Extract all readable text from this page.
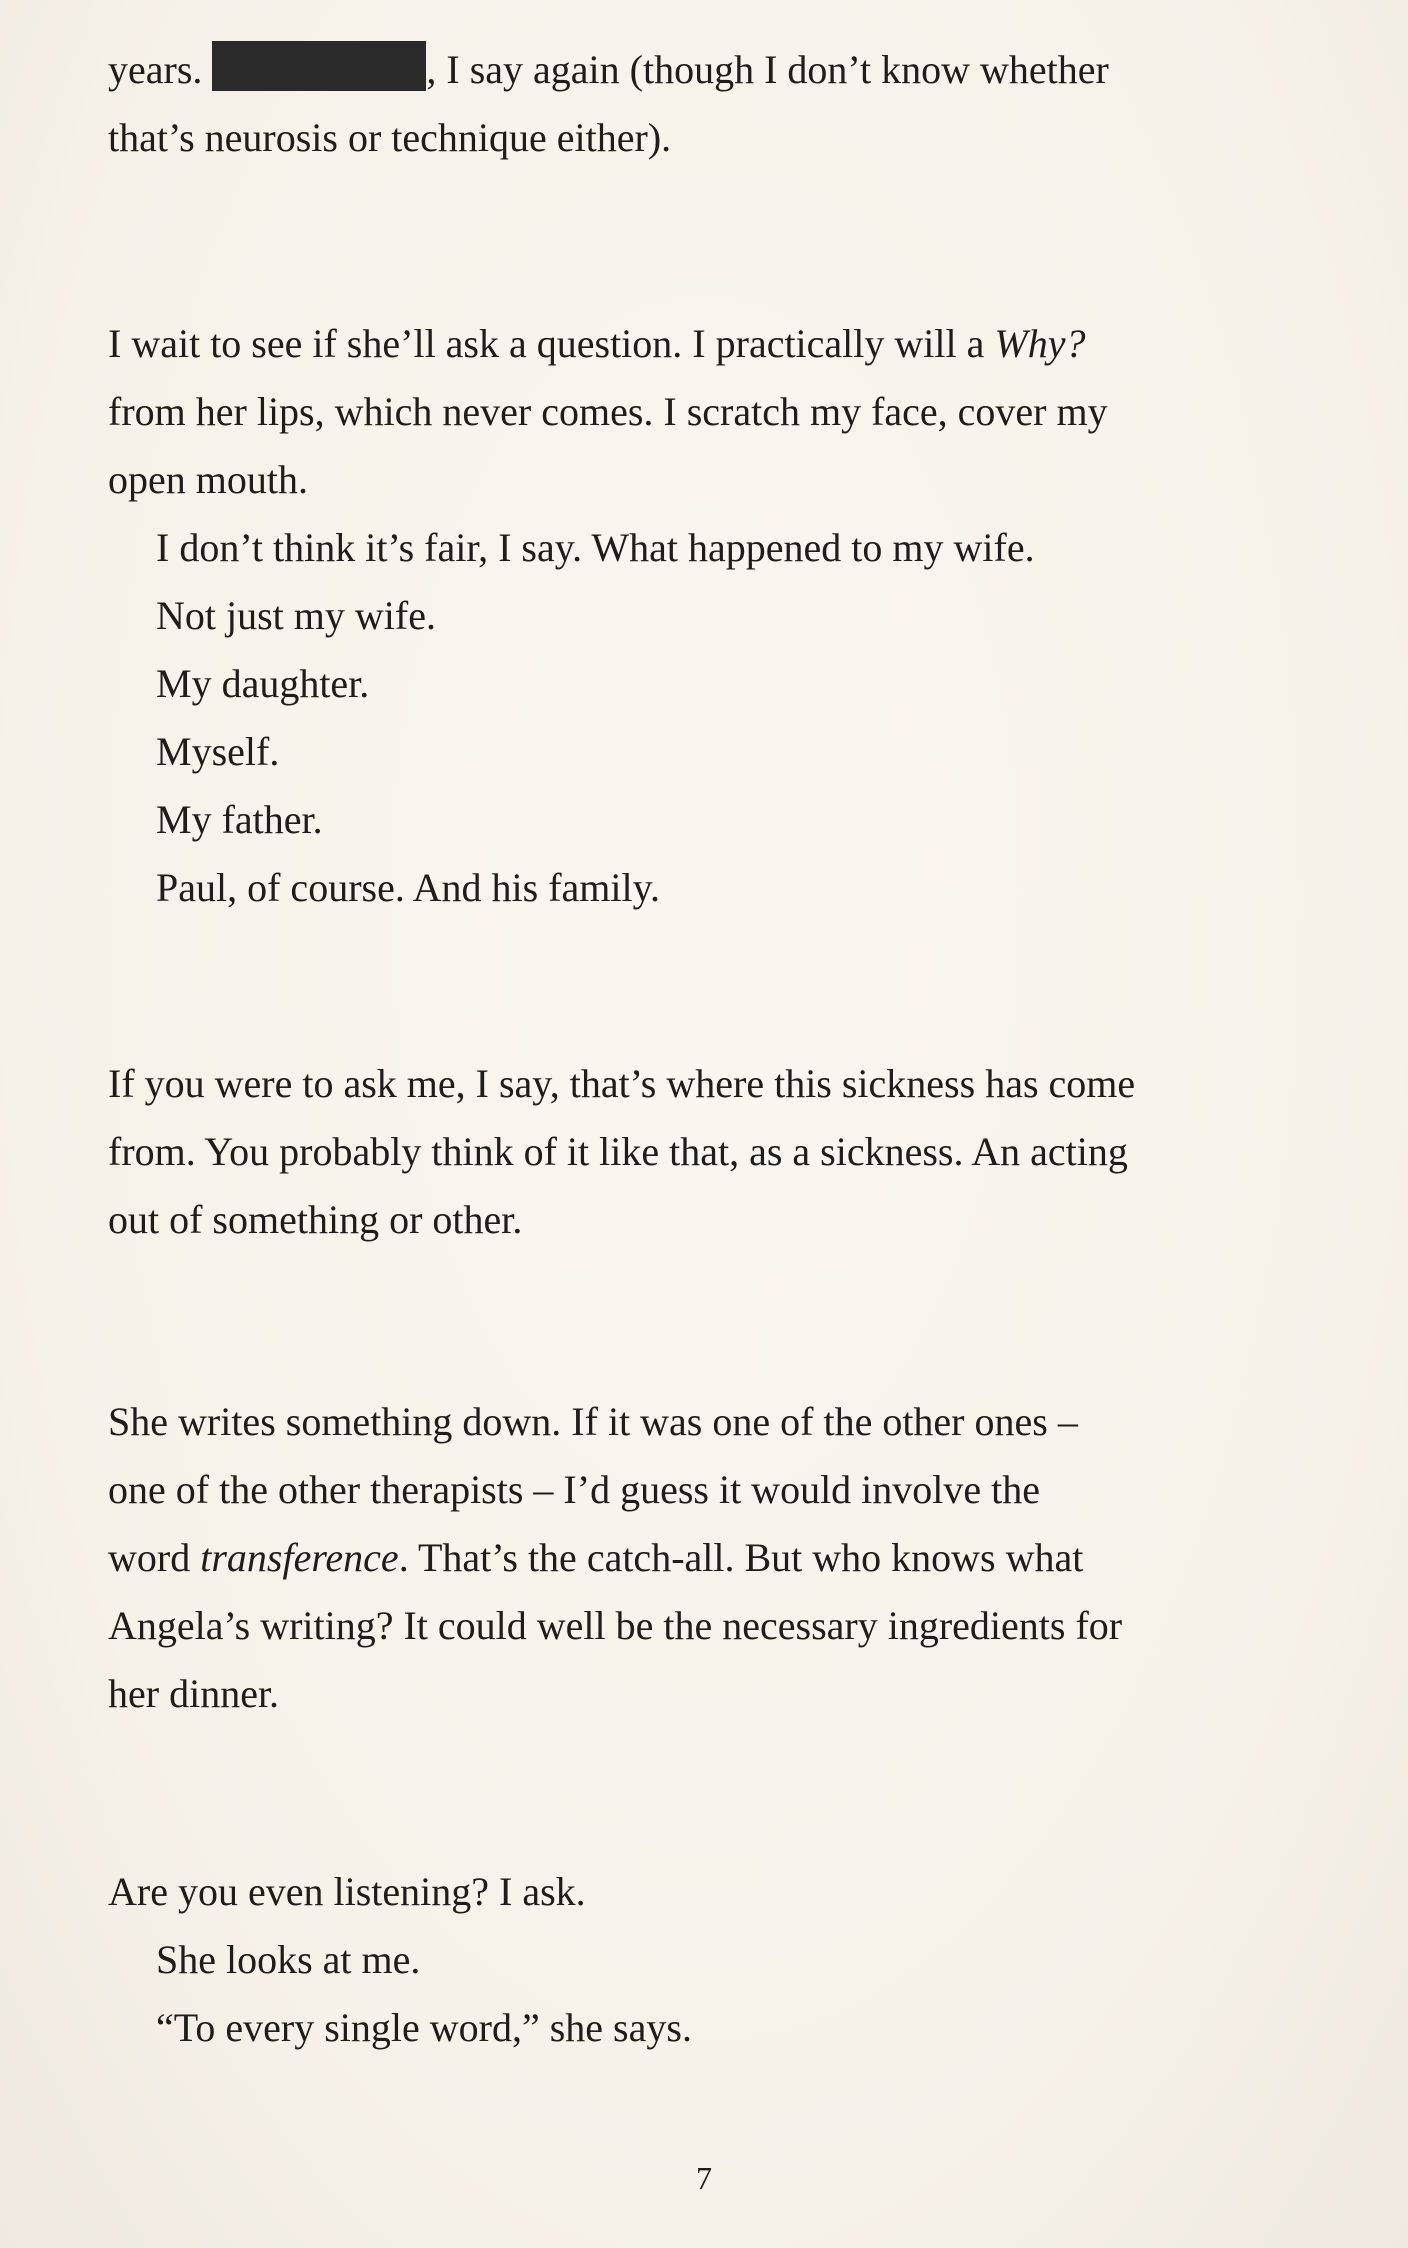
years.	, I say again (though I don’t know whether
that’s neurosis or technique either).
I wait to see if she’ll ask a question. I practically will a Why?
from her lips, which never comes. I scratch my face, cover my
open mouth.
I don’t think it’s fair, I say. What happened to my wife.
Not just my wife.
My daughter.
Myself.
My father.
Paul, of course. And his family.
If you were to ask me, I say, that’s where this sickness has come
from. You probably think of it like that, as a sickness. An acting
out of something or other.
She writes something down. If it was one of the other ones –
one of the other therapists – I’d guess it would involve the
word transference. That’s the catch-all. But who knows what
Angela’s writing? It could well be the necessary ingredients for
her dinner.
Are you even listening? I ask.
She looks at me.
“To every single word,” she says.
7
